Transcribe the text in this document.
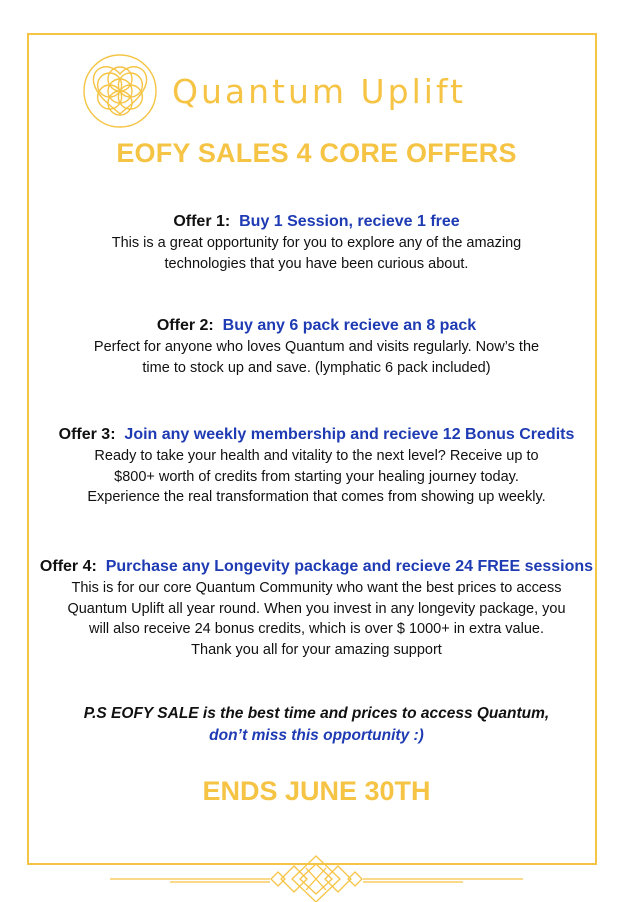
Quantum Uplift
EOFY SALES 4 CORE OFFERS
Offer 1: Buy 1 Session, recieve 1 free
This is a great opportunity for you to explore any of the amazing
technologies that you have been curious about.
Offer 2: Buy any 6 pack recieve an 8 pack
Perfect for anyone who loves Quantum and visits regularly. Now’s the
time to stock up and save. (lymphatic 6 pack included)
Offer 3: Join any weekly membership and recieve 12 Bonus Credits
Ready to take your health and vitality to the next level? Receive up to
$800+ worth of credits from starting your healing journey today.
Experience the real transformation that comes from showing up weekly.
Offer 4: Purchase any Longevity package and recieve 24 FREE sessions
This is for our core Quantum Community who want the best prices to access
Quantum Uplift all year round. When you invest in any longevity package, you
will also receive 24 bonus credits, which is over $ 1000+ in extra value.
Thank you all for your amazing support
P.S EOFY SALE is the best time and prices to access Quantum,
don’t miss this opportunity :)
ENDS JUNE 30TH
